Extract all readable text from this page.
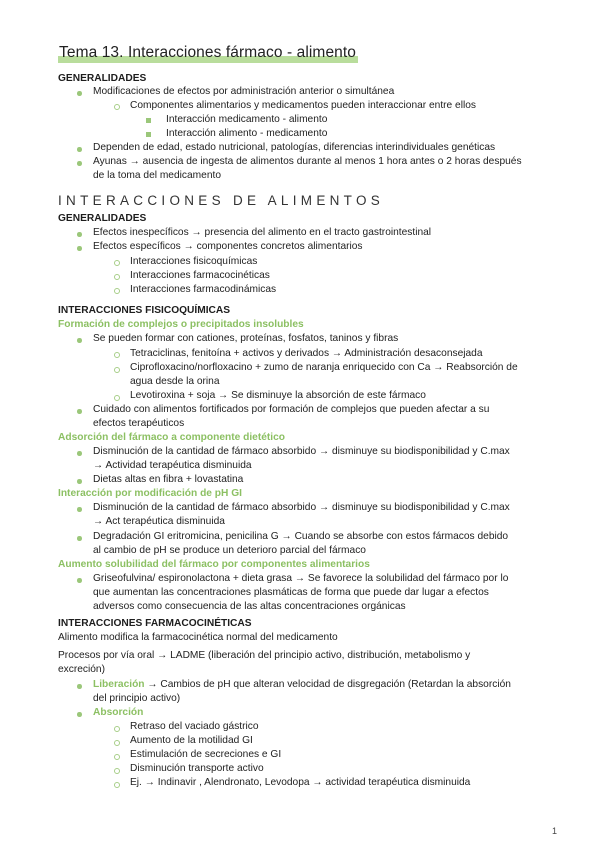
Tema 13. Interacciones fármaco - alimento
GENERALIDADES
Modificaciones de efectos por administración anterior o simultánea
Componentes alimentarios y medicamentos pueden interaccionar entre ellos
Interacción medicamento - alimento
Interacción alimento - medicamento
Dependen de edad, estado nutricional, patologías, diferencias interindividuales genéticas
Ayunas → ausencia de ingesta de alimentos durante al menos 1 hora antes o 2 horas después
de la toma del medicamento
INTERACCIONES DE ALIMENTOS
GENERALIDADES
Efectos inespecíficos → presencia del alimento en el tracto gastrointestinal
Efectos específicos → componentes concretos alimentarios
Interacciones fisicoquímicas
Interacciones farmacocinéticas
Interacciones farmacodinámicas
INTERACCIONES FISICOQUÍMICAS
Formación de complejos o precipitados insolubles
Se pueden formar con cationes, proteínas, fosfatos, taninos y fibras
Tetraciclinas, fenitoína + activos y derivados → Administración desaconsejada
Ciprofloxacino/norfloxacino + zumo de naranja enriquecido con Ca → Reabsorción de
agua desde la orina
Levotiroxina + soja → Se disminuye la absorción de este fármaco
Cuidado con alimentos fortificados por formación de complejos que pueden afectar a su
efectos terapéuticos
Adsorción del fármaco a componente dietético
Disminución de la cantidad de fármaco absorbido → disminuye su biodisponibilidad y C.max
→ Actividad terapéutica disminuida
Dietas altas en fibra + lovastatina
Interacción por modificación de pH GI
Disminución de la cantidad de fármaco absorbido → disminuye su biodisponibilidad y C.max
→ Act terapéutica disminuida
Degradación GI eritromicina, penicilina G → Cuando se absorbe con estos fármacos debido
al cambio de pH se produce un deterioro parcial del fármaco
Aumento solubilidad del fármaco por componentes alimentarios
Griseofulvina/ espironolactona + dieta grasa → Se favorece la solubilidad del fármaco por lo
que aumentan las concentraciones plasmáticas de forma que puede dar lugar a efectos
adversos como consecuencia de las altas concentraciones orgánicas
INTERACCIONES FARMACOCINÉTICAS
Alimento modifica la farmacocinética normal del medicamento
Procesos por vía oral → LADME (liberación del principio activo, distribución, metabolismo y
excreción)
Liberación → Cambios de pH que alteran velocidad de disgregación (Retardan la absorción
del principio activo)
Absorción
Retraso del vaciado gástrico
Aumento de la motilidad GI
Estimulación de secreciones e GI
Disminución transporte activo
Ej. → Indinavir , Alendronato, Levodopa → actividad terapéutica disminuida
1
